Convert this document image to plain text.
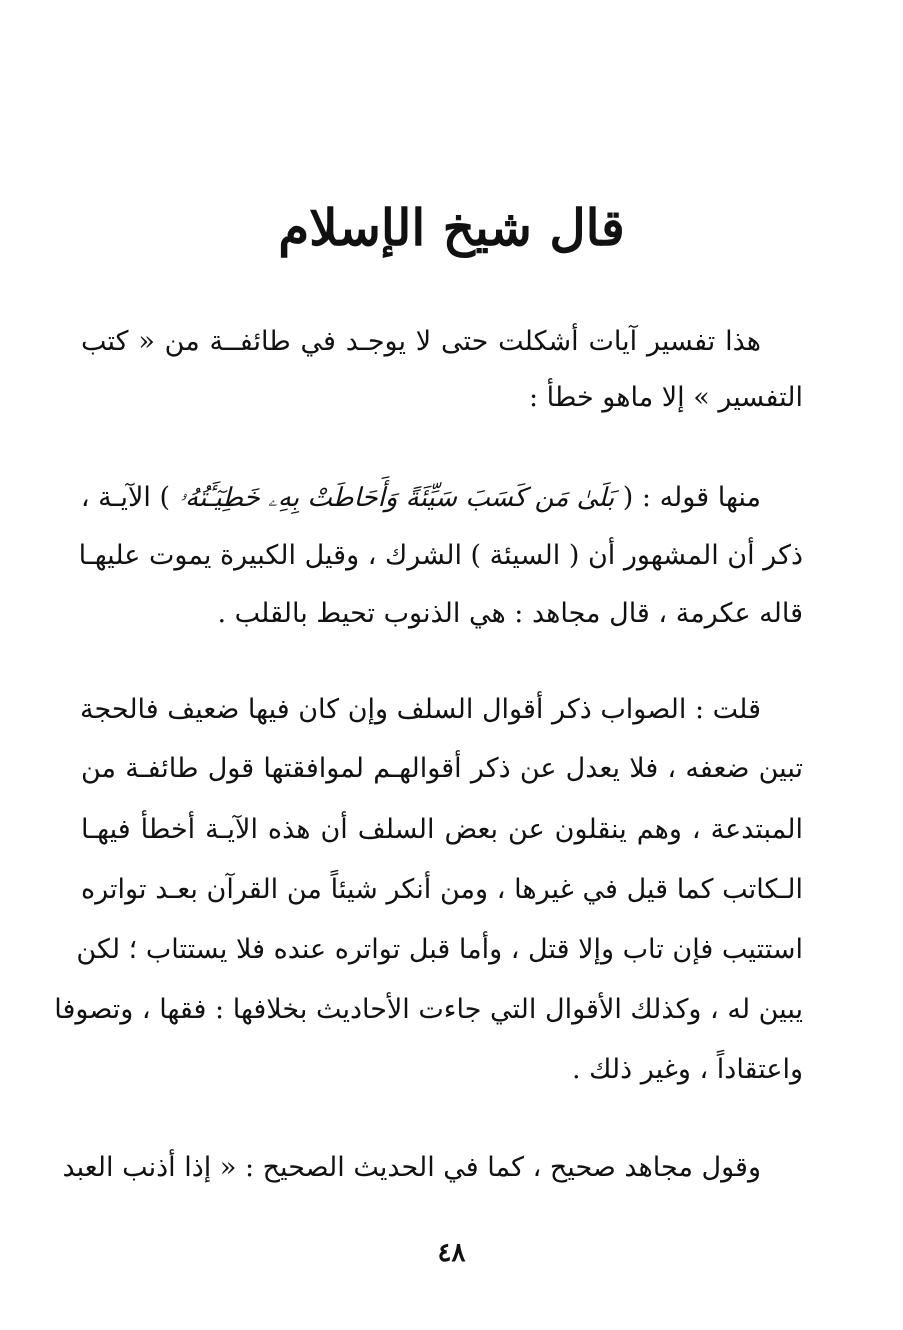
قال شيخ الإسلام
هذا تفسير آيات أشكلت حتى لا يوجـد في طائفــة من « كتب
التفسير » إلا ماهو خطأ :
منها قوله : ( بَلَىٰ مَن كَسَبَ سَيِّئَةً وَأَحَاطَتْ بِهِۦ خَطِيٓـَٔتُهُۥ ) الآيـة ،
ذكر أن المشهور أن ( السيئة ) الشرك ، وقيل الكبيرة يموت عليهـا
قاله عكرمة ، قال مجاهد : هي الذنوب تحيط بالقلب .
قلت : الصواب ذكر أقوال السلف وإن كان فيها ضعيف فالحجة
تبين ضعفه ، فلا يعدل عن ذكر أقوالهـم لموافقتها قول طائفـة من
المبتدعة ، وهم ينقلون عن بعض السلف أن هذه الآيـة أخطأ فيهـا
الـكاتب كما قيل في غيرها ، ومن أنكر شيئاً من القرآن بعـد تواتره
استتيب فإن تاب وإلا قتل ، وأما قبل تواتره عنده فلا يستتاب ؛ لكن
يبين له ، وكذلك الأقوال التي جاءت الأحاديث بخلافها : فقها ، وتصوفا
واعتقاداً ، وغير ذلك .
وقول مجاهد صحيح ، كما في الحديث الصحيح : « إذا أذنب العبد
٤٨
